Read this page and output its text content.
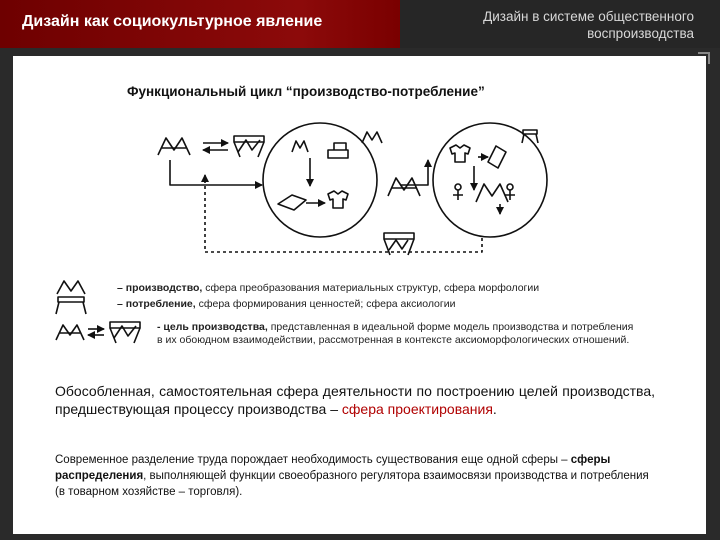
Дизайн как социокультурное явление	Дизайн в системе общественного воспроизводства
Функциональный цикл “производство-потребление”
– производство, сфера преобразования материальных структур, сфера морфологии
– потребление, сфера формирования ценностей; сфера аксиологии
- цель производства, представленная в идеальной форме модель производства и потребления в их обоюдном взаимодействии, рассмотренная в контексте аксиоморфологических отношений.
Обособленная, самостоятельная сфера деятельности по построению целей производства, предшествующая процессу производства – сфера проектирования.
Современное разделение труда порождает необходимость существования еще одной сферы – сферы распределения, выполняющей функции своеобразного регулятора взаимосвязи производства и потребления (в товарном хозяйстве – торговля).
